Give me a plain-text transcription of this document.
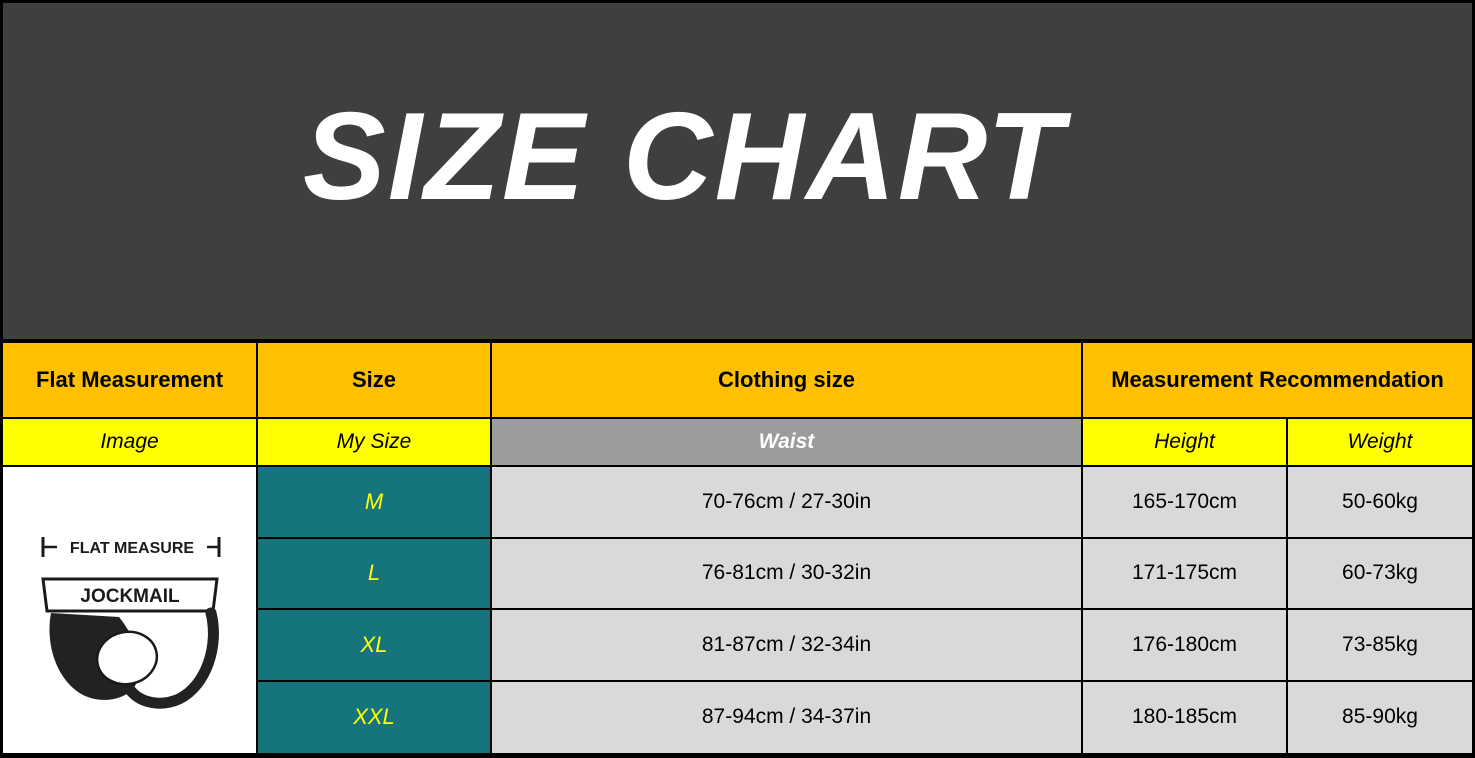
SIZE CHART
Flat Measurement	Size	Clothing size	Measurement Recommendation
Image	My Size	Waist	Height	Weight
FLAT MEASURE
JOCKMAIL
M	70-76cm / 27-30in	165-170cm	50-60kg
L	76-81cm / 30-32in	171-175cm	60-73kg
XL	81-87cm / 32-34in	176-180cm	73-85kg
XXL	87-94cm / 34-37in	180-185cm	85-90kg
